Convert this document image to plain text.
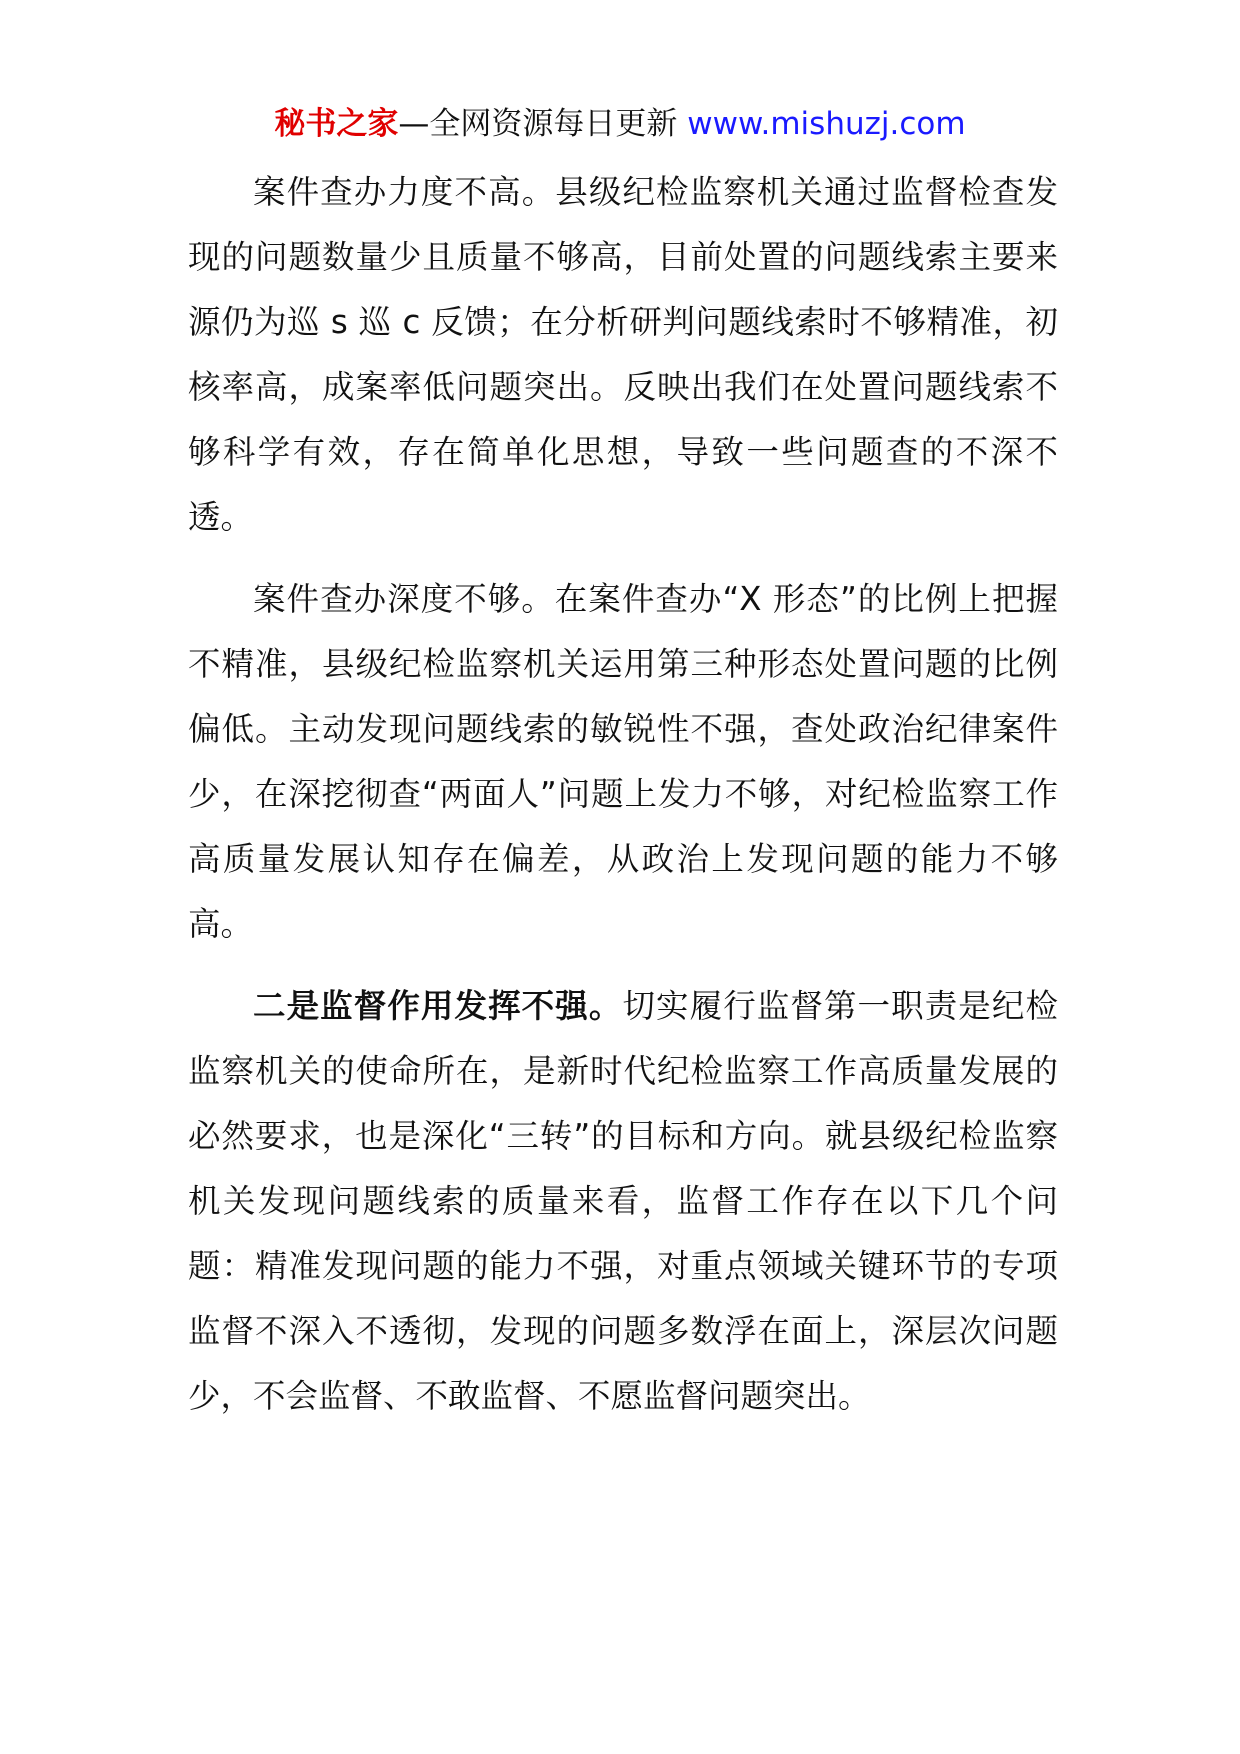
秘书之家—全网资源每日更新 www.mishuzj.com

案件查办力度不高。县级纪检监察机关通过监督检查发现的问题数量少且质量不够高，目前处置的问题线索主要来源仍为巡 s 巡 c 反馈；在分析研判问题线索时不够精准，初核率高，成案率低问题突出。反映出我们在处置问题线索不够科学有效，存在简单化思想，导致一些问题查的不深不透。

案件查办深度不够。在案件查办“X 形态”的比例上把握不精准，县级纪检监察机关运用第三种形态处置问题的比例偏低。主动发现问题线索的敏锐性不强，查处政治纪律案件少，在深挖彻查“两面人”问题上发力不够，对纪检监察工作高质量发展认知存在偏差，从政治上发现问题的能力不够高。

二是监督作用发挥不强。切实履行监督第一职责是纪检监察机关的使命所在，是新时代纪检监察工作高质量发展的必然要求，也是深化“三转”的目标和方向。就县级纪检监察机关发现问题线索的质量来看，监督工作存在以下几个问题：精准发现问题的能力不强，对重点领域关键环节的专项监督不深入不透彻，发现的问题多数浮在面上，深层次问题少，不会监督、不敢监督、不愿监督问题突出。
